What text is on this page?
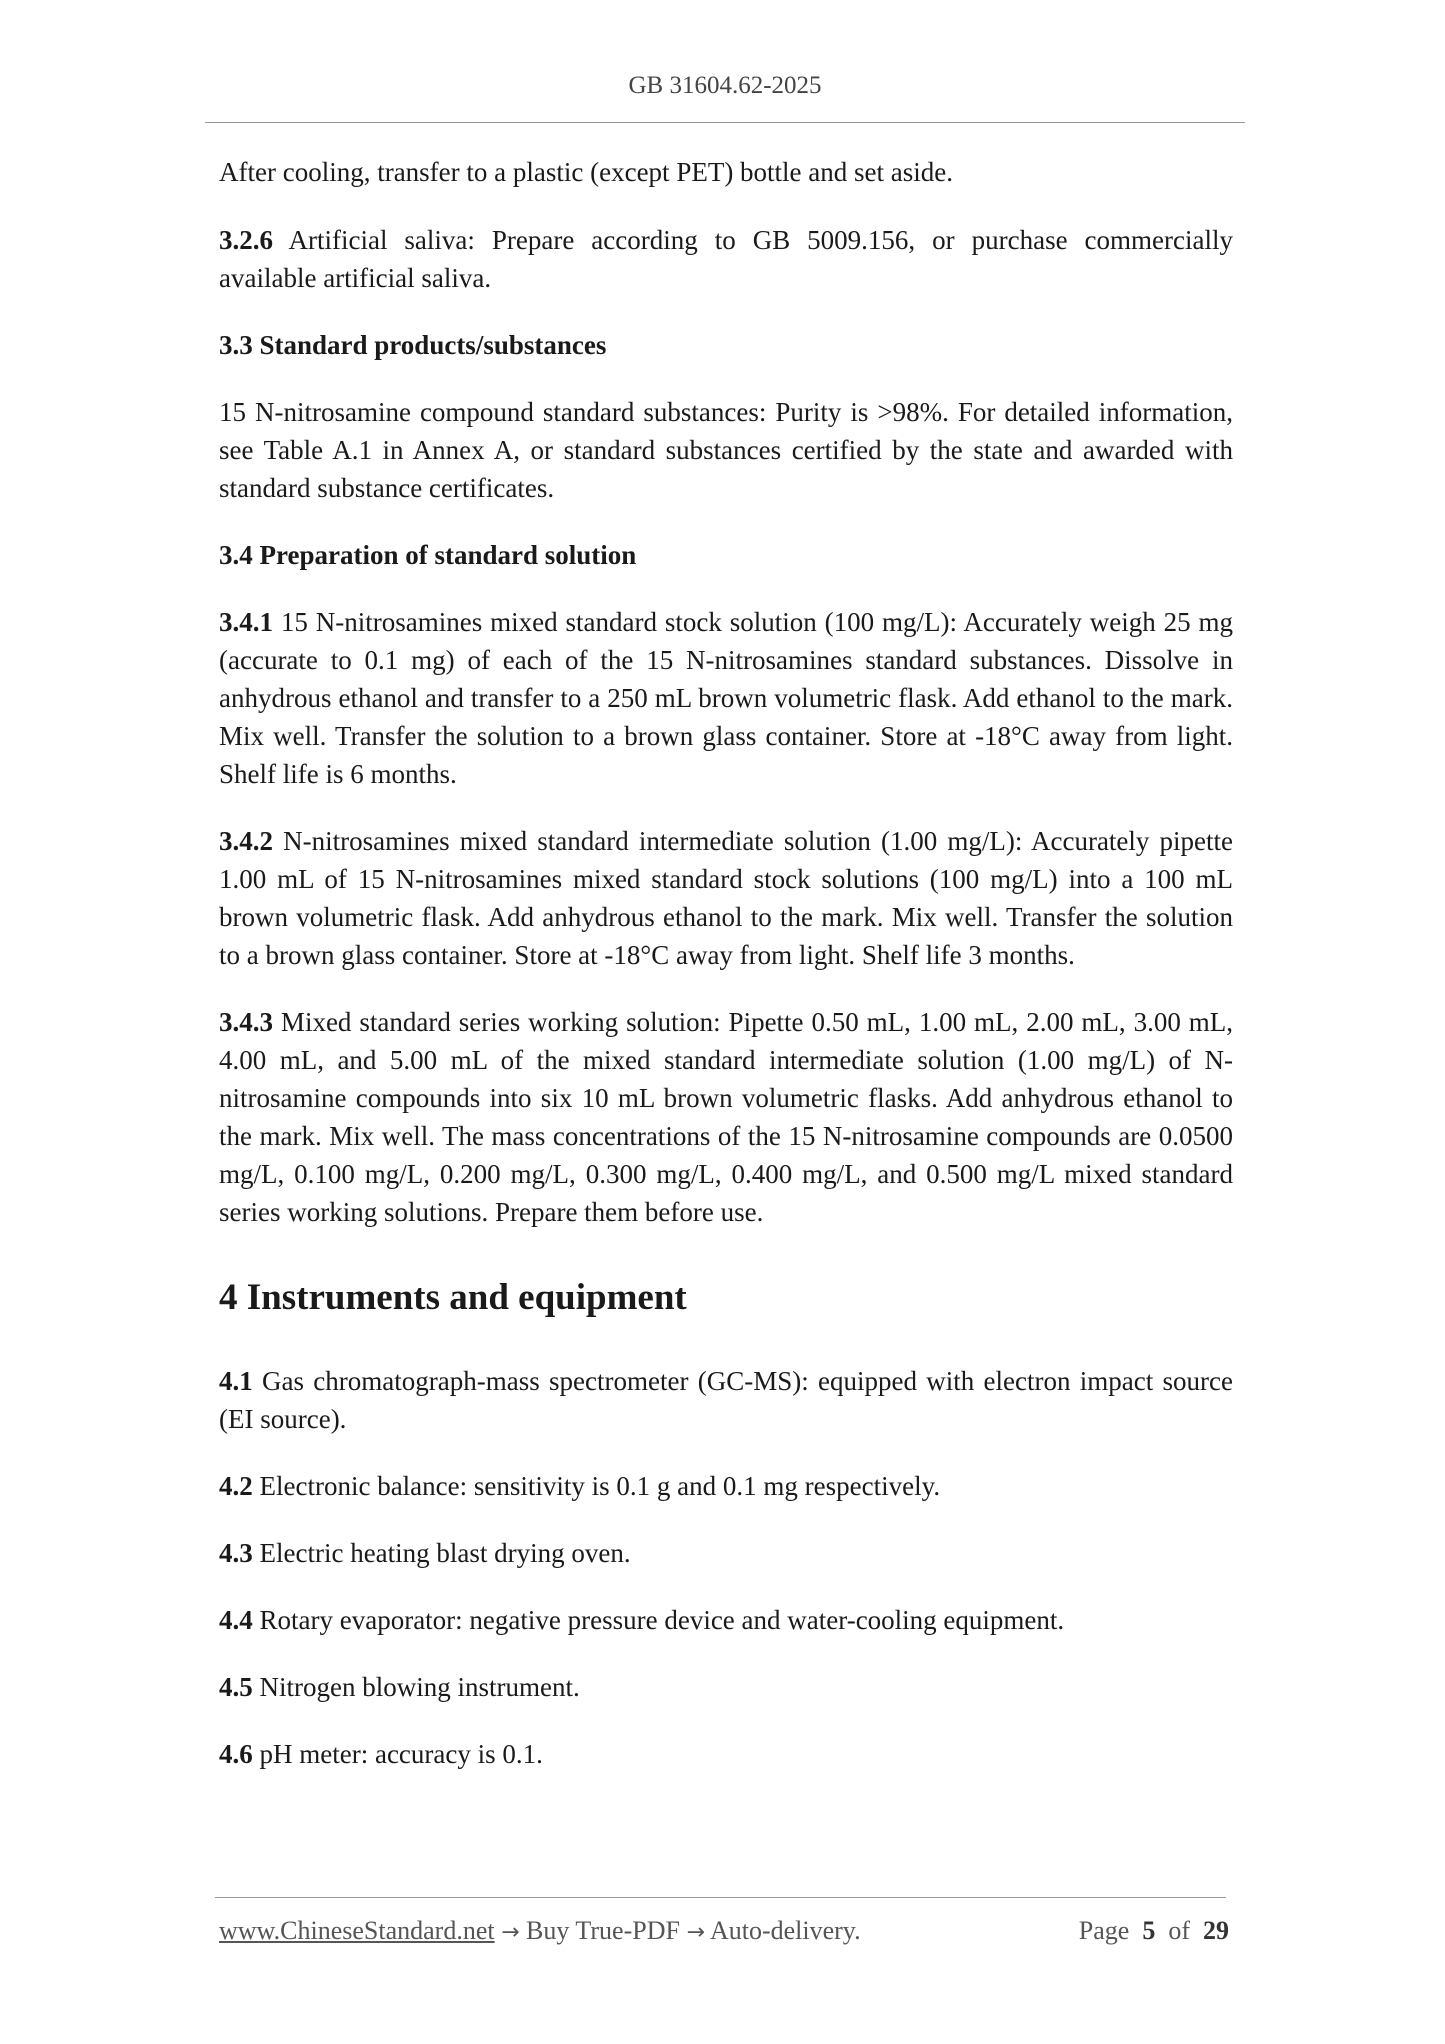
GB 31604.62-2025

After cooling, transfer to a plastic (except PET) bottle and set aside.

3.2.6 Artificial saliva: Prepare according to GB 5009.156, or purchase commercially available artificial saliva.

3.3 Standard products/substances

15 N-nitrosamine compound standard substances: Purity is >98%. For detailed information, see Table A.1 in Annex A, or standard substances certified by the state and awarded with standard substance certificates.

3.4 Preparation of standard solution

3.4.1 15 N-nitrosamines mixed standard stock solution (100 mg/L): Accurately weigh 25 mg (accurate to 0.1 mg) of each of the 15 N-nitrosamines standard substances. Dissolve in anhydrous ethanol and transfer to a 250 mL brown volumetric flask. Add ethanol to the mark. Mix well. Transfer the solution to a brown glass container. Store at -18°C away from light. Shelf life is 6 months.

3.4.2 N-nitrosamines mixed standard intermediate solution (1.00 mg/L): Accurately pipette 1.00 mL of 15 N-nitrosamines mixed standard stock solutions (100 mg/L) into a 100 mL brown volumetric flask. Add anhydrous ethanol to the mark. Mix well. Transfer the solution to a brown glass container. Store at -18°C away from light. Shelf life 3 months.

3.4.3 Mixed standard series working solution: Pipette 0.50 mL, 1.00 mL, 2.00 mL, 3.00 mL, 4.00 mL, and 5.00 mL of the mixed standard intermediate solution (1.00 mg/L) of N-nitrosamine compounds into six 10 mL brown volumetric flasks. Add anhydrous ethanol to the mark. Mix well. The mass concentrations of the 15 N-nitrosamine compounds are 0.0500 mg/L, 0.100 mg/L, 0.200 mg/L, 0.300 mg/L, 0.400 mg/L, and 0.500 mg/L mixed standard series working solutions. Prepare them before use.

4 Instruments and equipment

4.1 Gas chromatograph-mass spectrometer (GC-MS): equipped with electron impact source (EI source).

4.2 Electronic balance: sensitivity is 0.1 g and 0.1 mg respectively.

4.3 Electric heating blast drying oven.

4.4 Rotary evaporator: negative pressure device and water-cooling equipment.

4.5 Nitrogen blowing instrument.

4.6 pH meter: accuracy is 0.1.

www.ChineseStandard.net → Buy True-PDF → Auto-delivery.	Page 5 of 29
